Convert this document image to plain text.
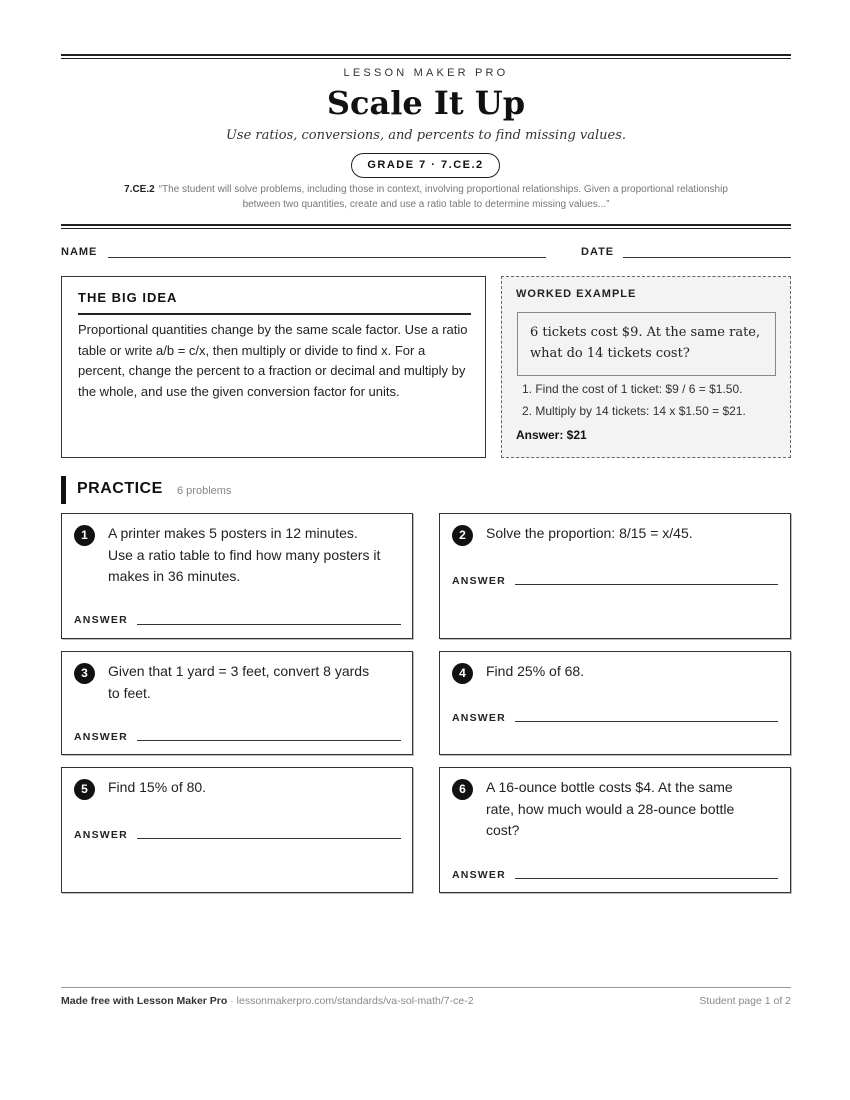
LESSON MAKER PRO
Scale It Up
Use ratios, conversions, and percents to find missing values.
GRADE 7 · 7.CE.2
7.CE.2 “The student will solve problems, including those in context, involving proportional relationships. Given a proportional relationship
between two quantities, create and use a ratio table to determine missing values...”
NAME	DATE
THE BIG IDEA

Proportional quantities change by the same scale factor. Use a ratio table or write a/b = c/x, then multiply or divide to find x. For a percent, change the percent to a fraction or decimal and multiply by the whole, and use the given conversion factor for units.

WORKED EXAMPLE
6 tickets cost $9. At the same rate, what do 14 tickets cost?
1. Find the cost of 1 ticket: $9 / 6 = $1.50.
2. Multiply by 14 tickets: 14 x $1.50 = $21.
Answer: $21
PRACTICE 6 problems
1	A printer makes 5 posters in 12 minutes.
Use a ratio table to find how many posters it
makes in 36 minutes.
ANSWER
2	Solve the proportion: 8/15 = x/45.
ANSWER
3	Given that 1 yard = 3 feet, convert 8 yards
to feet.
ANSWER
4	Find 25% of 68.
ANSWER
5	Find 15% of 80.
ANSWER
6	A 16-ounce bottle costs $4. At the same
rate, how much would a 28-ounce bottle
cost?
ANSWER
Made free with Lesson Maker Pro · lessonmakerpro.com/standards/va-sol-math/7-ce-2	Student page 1 of 2
